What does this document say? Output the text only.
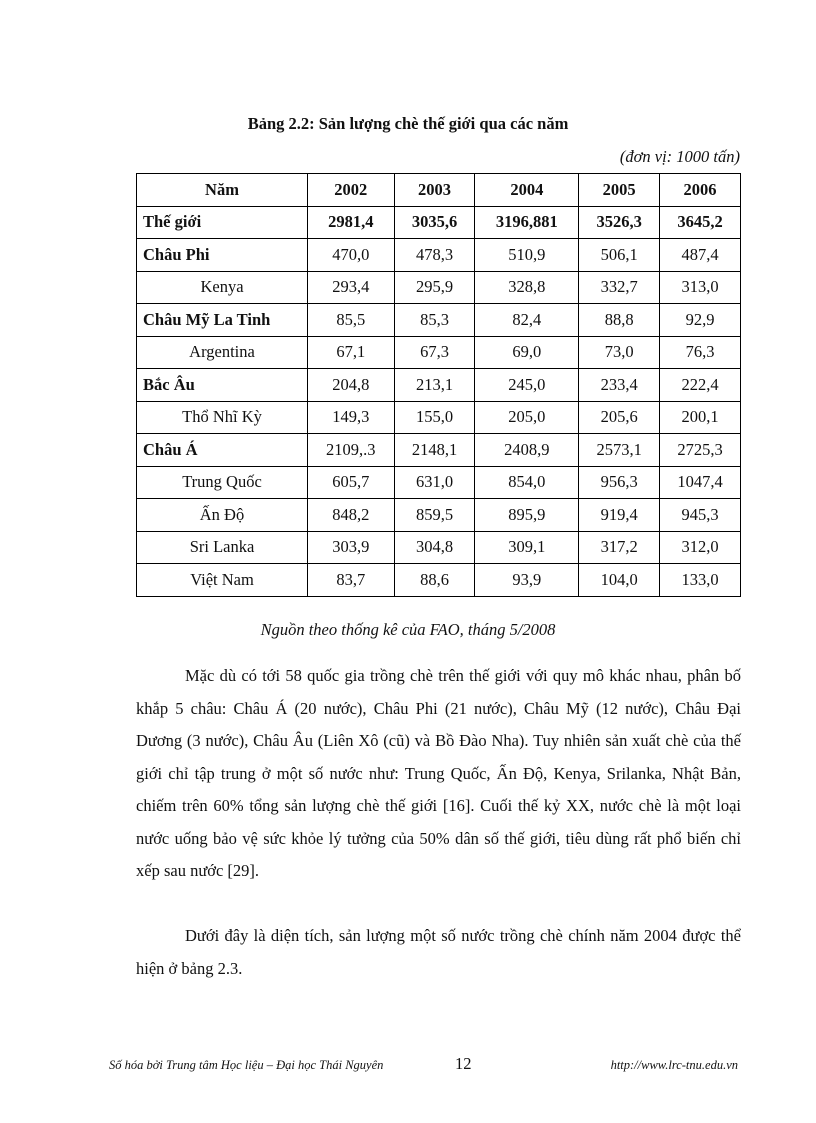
Bảng 2.2: Sản lượng chè thế giới qua các năm
(đơn vị: 1000 tấn)
Năm	2002	2003	2004	2005	2006
Thế giới	2981,4	3035,6	3196,881	3526,3	3645,2
Châu Phi	470,0	478,3	510,9	506,1	487,4
Kenya	293,4	295,9	328,8	332,7	313,0
Châu Mỹ La Tinh	85,5	85,3	82,4	88,8	92,9
Argentina	67,1	67,3	69,0	73,0	76,3
Bắc Âu	204,8	213,1	245,0	233,4	222,4
Thổ Nhĩ Kỳ	149,3	155,0	205,0	205,6	200,1
Châu Á	2109,.3	2148,1	2408,9	2573,1	2725,3
Trung Quốc	605,7	631,0	854,0	956,3	1047,4
Ấn Độ	848,2	859,5	895,9	919,4	945,3
Sri Lanka	303,9	304,8	309,1	317,2	312,0
Việt Nam	83,7	88,6	93,9	104,0	133,0
Nguồn theo thống kê của FAO, tháng 5/2008

Mặc dù có tới 58 quốc gia trồng chè trên thế giới với quy mô khác nhau, phân bố khắp 5 châu: Châu Á (20 nước), Châu Phi (21 nước), Châu Mỹ (12 nước), Châu Đại Dương (3 nước), Châu Âu (Liên Xô (cũ) và Bồ Đào Nha). Tuy nhiên sản xuất chè của thế giới chỉ tập trung ở một số nước như: Trung Quốc, Ấn Độ, Kenya, Srilanka, Nhật Bản, chiếm trên 60% tổng sản lượng chè thế giới [16]. Cuối thế kỷ XX, nước chè là một loại nước uống bảo vệ sức khỏe lý tưởng của 50% dân số thế giới, tiêu dùng rất phổ biến chỉ xếp sau nước [29].

Dưới đây là diện tích, sản lượng một số nước trồng chè chính năm 2004 được thể hiện ở bảng 2.3.

Số hóa bởi Trung tâm Học liệu – Đại học Thái Nguyên	12	http://www.lrc-tnu.edu.vn
